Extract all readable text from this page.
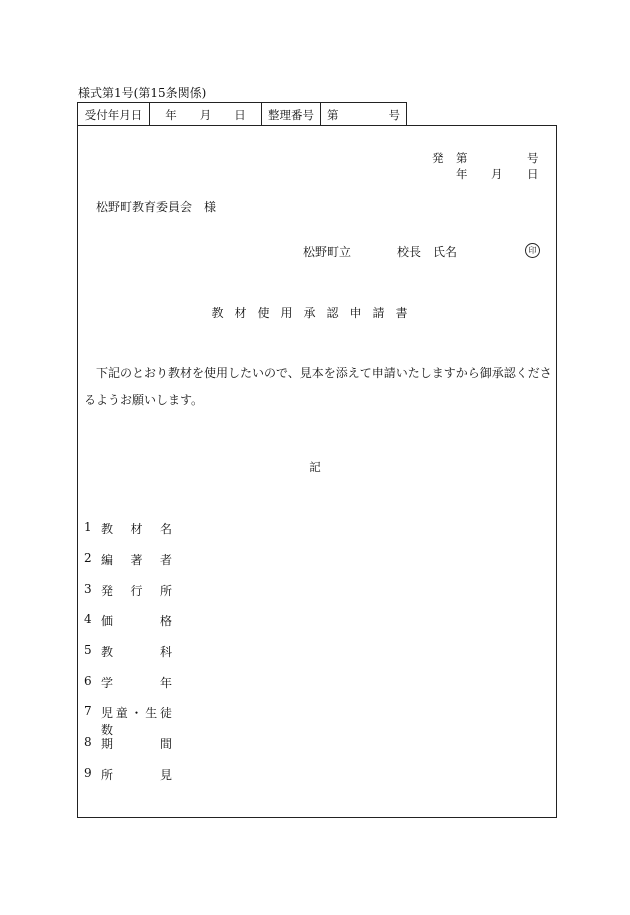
様式第1号(第15条関係)
受付年月日 年　　月　　日 整理番号 第	号
発 第	号
年 月 日
松野町教育委員会　様
松野町立	校長　氏名	印
教材使用承認申請書
下記のとおり教材を使用したいので、見本を添えて申請いたしますから御承認くださるようお願いします。
記
1 教材名
2 編著者
3 発行所
4 価格
5 教科
6 学年
7 児童・生徒数
8 期間
9 所見
